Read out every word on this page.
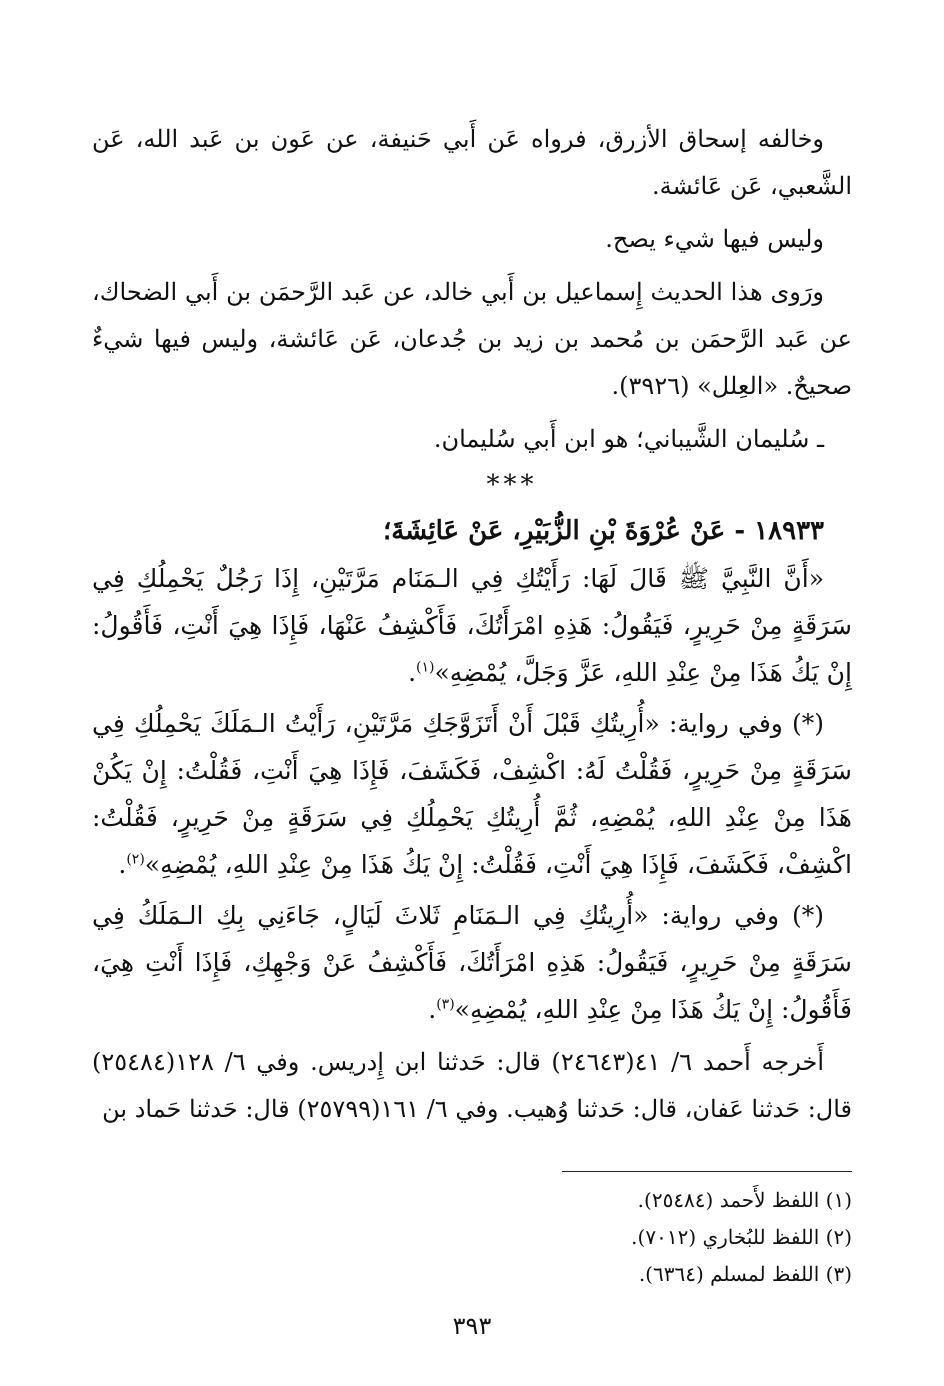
وخالفه إسحاق الأزرق، فرواه عَن أَبي حَنيفة، عن عَون بن عَبد الله، عَن الشَّعبي، عَن عَائشة.

وليس فيها شيء يصح.

ورَوى هذا الحديث إِسماعيل بن أَبي خالد، عن عَبد الرَّحمَن بن أَبي الضحاك، عن عَبد الرَّحمَن بن مُحمد بن زيد بن جُدعان، عَن عَائشة، وليس فيها شيءٌ صحيحٌ. «العِلل» (٣٩٢٦).

ـ سُليمان الشَّيباني؛ هو ابن أَبي سُليمان.

***

١٨٩٣٣ - عَنْ عُرْوَةَ بْنِ الزُّبَيْرِ، عَنْ عَائِشَةَ؛

«أَنَّ النَّبِيَّ ﷺ قَالَ لَهَا: رَأَيْتُكِ فِي الـمَنَام مَرَّتَيْنِ، إِذَا رَجُلٌ يَحْمِلُكِ فِي سَرَقَةٍ مِنْ حَرِيرٍ، فَيَقُولُ: هَذِهِ امْرَأَتُكَ، فَأَكْشِفُ عَنْهَا، فَإِذَا هِيَ أَنْتِ، فَأَقُولُ: إِنْ يَكُ هَذَا مِنْ عِنْدِ اللهِ، عَزَّ وَجَلَّ، يُمْضِهِ»$^{(١)}$.

(*) وفي رواية: «أُرِيتُكِ قَبْلَ أَنْ أَتَزَوَّجَكِ مَرَّتَيْنِ، رَأَيْتُ الـمَلَكَ يَحْمِلُكِ فِي سَرَقَةٍ مِنْ حَرِيرٍ، فَقُلْتُ لَهُ: اكْشِفْ، فَكَشَفَ، فَإِذَا هِيَ أَنْتِ، فَقُلْتُ: إِنْ يَكُنْ هَذَا مِنْ عِنْدِ اللهِ، يُمْضِهِ، ثُمَّ أُرِيتُكِ يَحْمِلُكِ فِي سَرَقَةٍ مِنْ حَرِيرٍ، فَقُلْتُ: اكْشِفْ، فَكَشَفَ، فَإِذَا هِيَ أَنْتِ، فَقُلْتُ: إِنْ يَكُ هَذَا مِنْ عِنْدِ اللهِ، يُمْضِهِ»$^{(٢)}$.

(*) وفي رواية: «أُرِيتُكِ فِي الـمَنَامِ ثَلاثَ لَيَالٍ، جَاءَنِي بِكِ الـمَلَكُ فِي سَرَقَةٍ مِنْ حَرِيرٍ، فَيَقُولُ: هَذِهِ امْرَأَتُكَ، فَأَكْشِفُ عَنْ وَجْهِكِ، فَإِذَا أَنْتِ هِيَ، فَأَقُولُ: إِنْ يَكُ هَذَا مِنْ عِنْدِ اللهِ، يُمْضِهِ»$^{(٣)}$.

أَخرجه أَحمد ٦/ ٤١(٢٤٦٤٣) قال: حَدثنا ابن إِدريس. وفي ٦/ ١٢٨(٢٥٤٨٤) قال: حَدثنا عَفان، قال: حَدثنا وُهيب. وفي ٦/ ١٦١(٢٥٧٩٩) قال: حَدثنا حَماد بن

(١) اللفظ لأَحمد (٢٥٤٨٤).

(٢) اللفظ للبُخاري (٧٠١٢).

(٣) اللفظ لمسلم (٦٣٦٤).

٣٩٣
